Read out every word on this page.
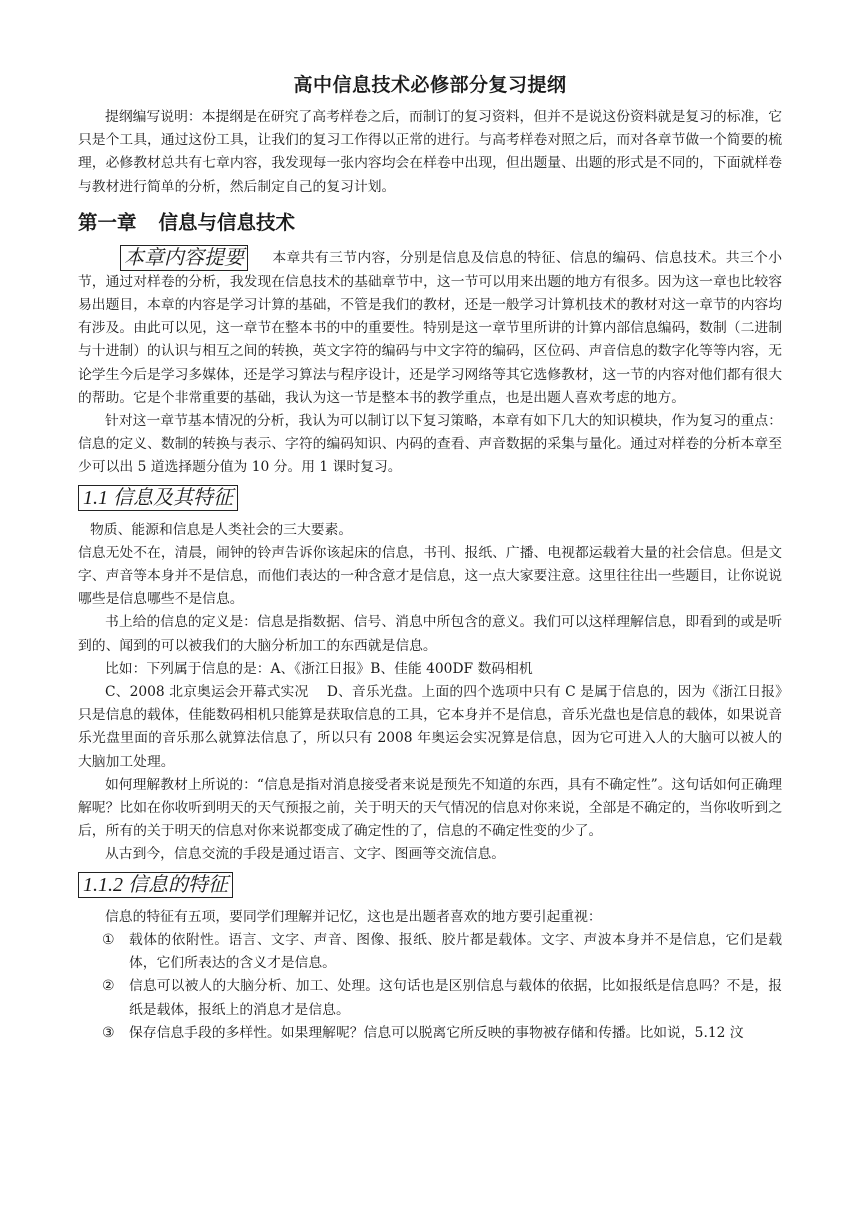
高中信息技术必修部分复习提纲

提纲编写说明：本提纲是在研究了高考样卷之后，而制订的复习资料，但并不是说这份资料就是复习的标准，它只是个工具，通过这份工具，让我们的复习工作得以正常的进行。与高考样卷对照之后，而对各章节做一个简要的梳理，必修教材总共有七章内容，我发现每一张内容均会在样卷中出现，但出题量、出题的形式是不同的，下面就样卷与教材进行简单的分析，然后制定自己的复习计划。

第一章 信息与信息技术

本章内容提要 本章共有三节内容，分别是信息及信息的特征、信息的编码、信息技术。共三个小节，通过对样卷的分析，我发现在信息技术的基础章节中，这一节可以用来出题的地方有很多。因为这一章也比较容易出题目，本章的内容是学习计算的基础，不管是我们的教材，还是一般学习计算机技术的教材对这一章节的内容均有涉及。由此可以见，这一章节在整本书的中的重要性。特别是这一章节里所讲的计算内部信息编码，数制（二进制与十进制）的认识与相互之间的转换，英文字符的编码与中文字符的编码，区位码、声音信息的数字化等等内容，无论学生今后是学习多媒体，还是学习算法与程序设计，还是学习网络等其它选修教材，这一节的内容对他们都有很大的帮助。它是个非常重要的基础，我认为这一节是整本书的教学重点，也是出题人喜欢考虑的地方。

针对这一章节基本情况的分析，我认为可以制订以下复习策略，本章有如下几大的知识模块，作为复习的重点：信息的定义、数制的转换与表示、字符的编码知识、内码的查看、声音数据的采集与量化。通过对样卷的分析本章至少可以出 5 道选择题分值为 10 分。用 1 课时复习。

1.1 信息及其特征

物质、能源和信息是人类社会的三大要素。

信息无处不在，清晨，闹钟的铃声告诉你该起床的信息，书刊、报纸、广播、电视都运载着大量的社会信息。但是文字、声音等本身并不是信息，而他们表达的一种含意才是信息，这一点大家要注意。这里往往出一些题目，让你说说哪些是信息哪些不是信息。

书上给的信息的定义是：信息是指数据、信号、消息中所包含的意义。我们可以这样理解信息，即看到的或是听到的、闻到的可以被我们的大脑分析加工的东西就是信息。

比如：下列属于信息的是：A、《浙江日报》B、佳能 400DF 数码相机

C、2008 北京奥运会开幕式实况　 D、音乐光盘。上面的四个选项中只有 C 是属于信息的，因为《浙江日报》只是信息的载体，佳能数码相机只能算是获取信息的工具，它本身并不是信息，音乐光盘也是信息的载体，如果说音乐光盘里面的音乐那么就算法信息了，所以只有 2008 年奥运会实况算是信息，因为它可进入人的大脑可以被人的大脑加工处理。

如何理解教材上所说的：“信息是指对消息接受者来说是预先不知道的东西，具有不确定性”。这句话如何正确理解呢？比如在你收听到明天的天气预报之前，关于明天的天气情况的信息对你来说，全部是不确定的，当你收听到之后，所有的关于明天的信息对你来说都变成了确定性的了，信息的不确定性变的少了。

从古到今，信息交流的手段是通过语言、文字、图画等交流信息。

1.1.2 信息的特征

信息的特征有五项，要同学们理解并记忆，这也是出题者喜欢的地方要引起重视：

① 载体的依附性。语言、文字、声音、图像、报纸、胶片都是载体。文字、声波本身并不是信息，它们是载体，它们所表达的含义才是信息。
② 信息可以被人的大脑分析、加工、处理。这句话也是区别信息与载体的依据，比如报纸是信息吗？不是，报纸是载体，报纸上的消息才是信息。
③ 保存信息手段的多样性。如果理解呢？信息可以脱离它所反映的事物被存储和传播。比如说，5.12 汶
